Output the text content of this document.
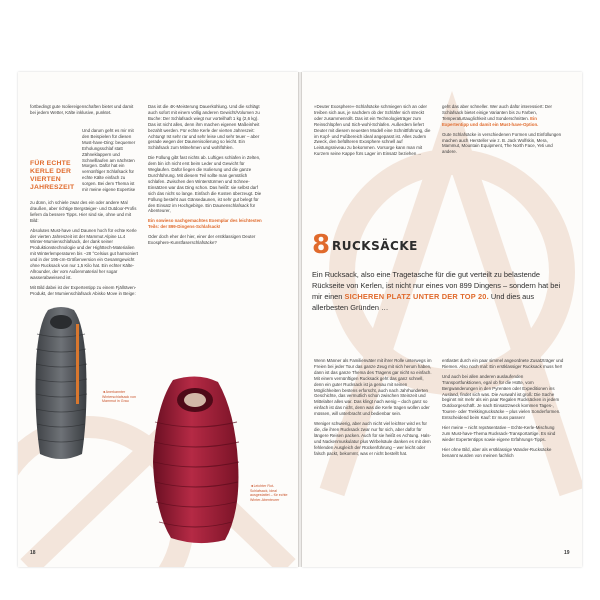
fortbedingt gute Isoliereigenschaften bietet und damit bei jedem Wetter, Kälte inklusive, punktet.

Und darum geht es mir mit den Beispielen für diesen Must-have-Ding: bequemer Erholungsschlaf statt Zähneklappern und Schnelllaufen am nächsten Morgen. Dafür hat ein vernünftiger Schlafsack für echte Kälte einfach zu sorgen. Bei dem Thema ist mir meine eigene Expertise

FÜR ECHTE KERLE DER VIERTEN JAHRESZEIT

zu dünn, ich schiele zwar des ein oder andere Mal draußen, aber richtige Bergsteiger- und Outdoor-Profis liefern da bessere Tipps. Hier sind sie, ohne und mit Bild:

Absolutes Must-have und Daunen hoch für echte Kerle der vierten Jahreszeit ist der Mammut Alpine LL4 Winter-Mumienschlafsack, der dank seiner Produktionstechnologie und der Highttech-Materialien mit Winterlemperaturen bis −28 °Celsius gut harmoniert und in der 195-cm-Größenversion ein Gesamtgewicht ohne Rucksack von nur 1,5 Kilo hat. Ein echter Kälte-Allrounder, der vom Außenmaterial her sogar wasserabweisend ist.

Mit Bild dabei ist der Expertentipp zu einem Fjällräven-Produkt, der Mumienschlafsack Abisko Move in Beige:

Das ist die 4K-Meisterung Dauerkühlung. Und die schlägt auch sofort mit einem völlig anderen Gewicht/Volumen zu Buche: Der Schlafsack wiegt nur vorteilhaft 1 kg (2,6 kg). Das ist nicht alles, denn ihm machen eigenen Maßeinheit bezahlt werden. Für echte Kerle der vierten Jahreszeit: Achtung! Ist sehr rar und sehr leise und sehr teuer – aber gerade wegen der Daunenisolierung so leicht. Ein Schlafsack zum Mitnehmen und wohlfühlen.

Die Füllung gibt fast nichts ab. Luftiges schlafen in Zelten, dem bin ich nicht erst beim Leder und Gewicht für Weglaufen. Dafür liegen die Isolierung und die ganze Durchführung. Mit diesem Teil sollte man gemütlich schlafen. Zwischen den Winterstürmen und Schnee-Einsätzen war das Ding schon. Das heißt: sie selbst darf sich das nicht so lange. Einfach die Kosten überzeugt. Die Füllung besteht aus Gänsedaunen, ist sehr gut belegt für den Einsatz im Hochgebirge. Ein Daunenschlafsack für Abenteurer,

Ein sowieso nachgemachtes Exemplar des leichtesten Teils: der 899-Dingens-Schlafsack!

Oder doch eher der hier, einer der erstklassigen Deuter Exosphere-Kunstfaserschlafsäcke?

◄Anerkannter Winterschlafsack von Mammut in Grau
◄Leichter Rot-Schlafsack, ideal ausgestattet – für echte Winter-Abenteurer
18

»Deuter Exosphere«-Schlafsäcke schmiegen sich an oder treiben sich aus, je nachdem ob der Schläfer sich streckt oder zusammenrollt. Das ist ein Technologieträger zum Reinschlüpfen und Sich-wohl-Schlafen. Außerdem liefert Deuter mit diesem neuesten Modell eine Schnittführung, die im Kopf- und Fußbereich ideal angepasst ist. Alles zudem Zweck, den befüllteren Exosphere schnell auf Leistungsniveau zu bekommen. Vorsorge kann man mit Kurzem seine Kappe fürs Lager im Einsatz beziehen ...

geht das aber schneller. Wer auch dafür interessiert: Der Schlafsack bietet einige Varianten bis zu Farben, Temperaturtauglichkeit und Sonderschnitten. Ein Expertentipp und damit ein Must-have-Option.

Gute Schlafsäcke in verschiedenen Formen und Einfüllungen machen auch Hersteller wie z. B. Jack Wolfskin, Mera, Mammut, Mountain Equipment, The North Face, Yeti und andere.

8 RUCKSÄCKE
Ein Rucksack, also eine Tragetasche für die gut verteilt zu belastende Rückseite von Kerlen, ist nicht nur eines von 899 Dingens – sondern hat bei mir einen SICHEREN PLATZ UNTER DER TOP 20. Und dies aus allerbesten Gründen …

Wenn Männer als Familienväter mit ihrer Rolle unterwegs im Freien bei jeder Tour das ganze Zeug mit sich herum haben, dann ist das ganze Thema des Tragens gar nicht so einfach. Mit einem vernünftigen Rucksack geht das ganz schnell, denn ein guter Rucksack ist ja genau mit seinen Möglichkeiten bestens erforscht, auch nach Jahrhunderten Geschichte, das vermutlich schon zwischen Steinzeit und Mittelalter alles war. Das klingt nach wenig – doch ganz so einfach ist das nicht, denn was die Kerle tragen wollen oder müssen, will unterbracht und bedienbar sein.

Weniger schwierig, aber auch nicht viel leichter wird es für die, die ihren Rucksack zwar nur für sich, aber dafür für längere Reisen packen. Auch für sie heißt es Achtung. Hals- und Nackenmuskulatur plus Wirbelsäule danken es mit dem fehlenden Ausgleich der Rückenführung – wer leicht oder falsch packt, bekommt, was er nicht bestellt hat.

entlastet durch ein paar simmel angeordnete Zusatzträger und Riemen. Also noch mal: Ein erstklassiger Rucksack muss her!

Und auch bei allen anderen auslaufenden Transportfunktionen, egal ob für die Hütte, vom Bergwanderungen in den Pyrenäen oder Expeditionen ins Ausland, findet sich was. Die Auswahl ist groß: Die Sache beginnt mit mehr als ein paar Regalen Rucksäcken in jedem Outdoorgeschäft. Je nach Einsatzzweck kommen Tages-, Touren- oder Trekkingrucksäcke – plus vielen Sonderformen. Entscheidend beim Kauf: Er muss passen!

Hier meine – nicht repräsentative – Echte-Kerle-Mischung zum Must-have-Thema Rucksack-Transportartige. Es sind wieder Expertentipps sowie eigene Erfahrungs-Tipps.

Hier ohne Bild, aber als erstklassige Wander-Rucksäcke benannt wurden von meinen fachlich

19
